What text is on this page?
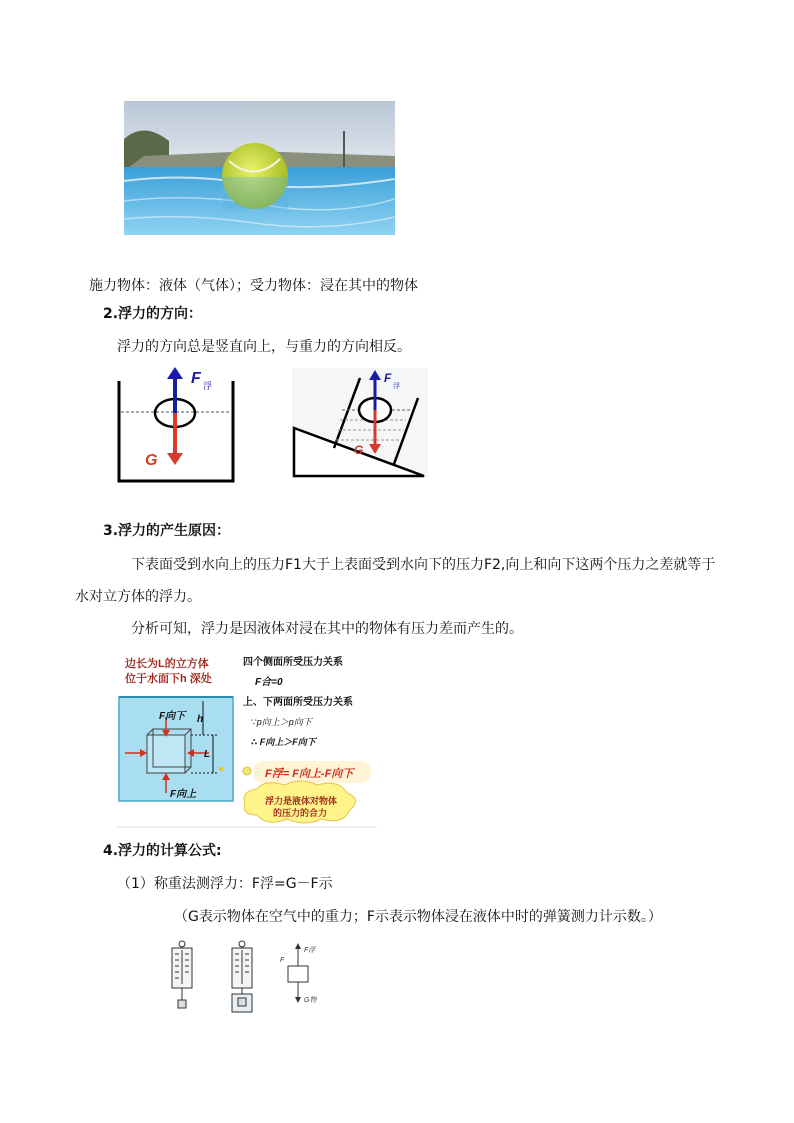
施力物体：液体（气体）；受力物体：浸在其中的物体
2.浮力的方向：
浮力的方向总是竖直向上，与重力的方向相反。
F 浮
G
F
浮
G
3.浮力的产生原因：
下表面受到水向上的压力F1大于上表面受到水向下的压力F2,向上和向下这两个压力之差就等于
水对立方体的浮力。
分析可知，浮力是因液体对浸在其中的物体有压力差而产生的。
边长为L的立方体
位于水面下h 深处
F向下
F向上
h
L
四个侧面所受压力关系
F合=0
上、下两面所受压力关系
∵p向上＞p向下
∴ F向上＞F向下
F浮= F向上-F向下
浮力是液体对物体
的压力的合力
4.浮力的计算公式:
（1）称重法测浮力：F浮=G－F示
（G表示物体在空气中的重力；F示表示物体浸在液体中时的弹簧测力计示数。）
F浮
F
G物
